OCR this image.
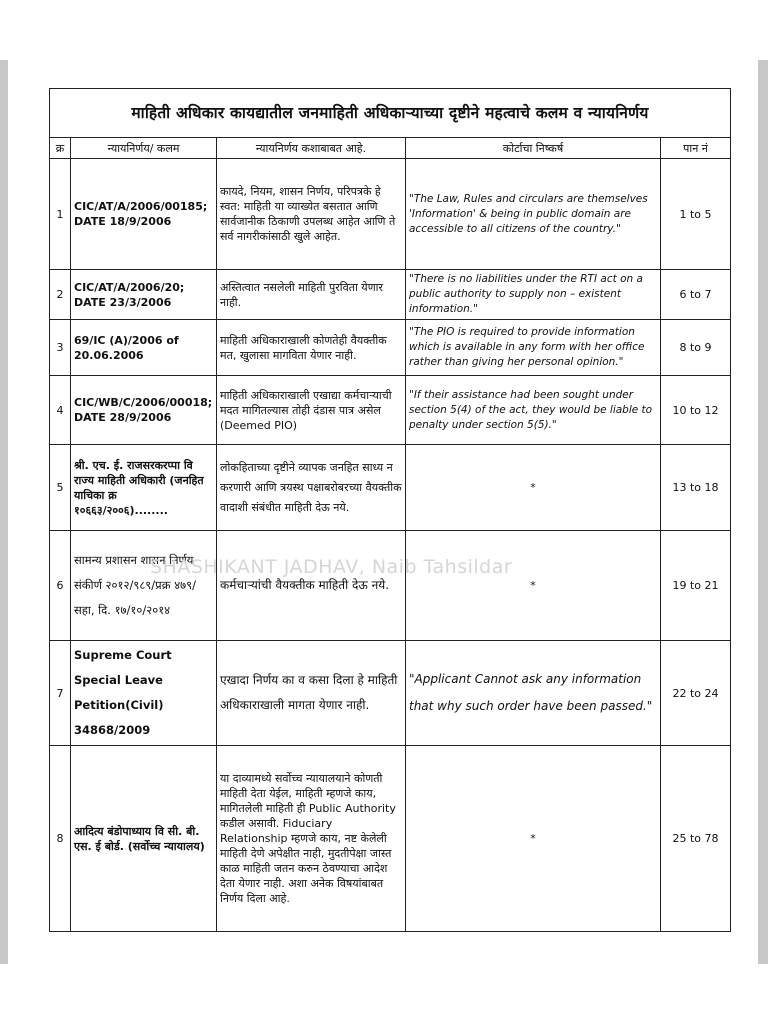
माहिती अधिकार कायद्यातील जनमाहिती अधिकाऱ्याच्या दृष्टीने महत्वाचे कलम व न्यायनिर्णय				
क्र	न्यायनिर्णय/ कलम	न्यायनिर्णय कशाबाबत आहे.	कोर्टाचा निष्कर्ष	पान नं
1	CIC/AT/A/2006/00185; DATE 18/9/2006	कायदे, नियम, शासन निर्णय, परिपत्रके हे स्वत: माहिती या व्याख्येत बसतात आणि सार्वजानीक ठिकाणी उपलब्ध आहेत आणि ते सर्व नागरीकांसाठी खुले आहेत.	"The Law, Rules and circulars are themselves 'Information' & being in public domain are accessible to all citizens of the country."	1 to 5
2	CIC/AT/A/2006/20; DATE 23/3/2006	अस्तित्वात नसलेली माहिती पुरविता येणार नाही.	"There is no liabilities under the RTI act on a public authority to supply non – existent information."	6 to 7
3	69/IC (A)/2006 of 20.06.2006	माहिती अधिकाराखाली कोणतेही वैयक्तीक मत, खुलासा मागविता येणार नाही.	"The PIO is required to provide information which is available in any form with her office rather than giving her personal opinion."	8 to 9
4	CIC/WB/C/2006/00018; DATE 28/9/2006	माहिती अधिकाराखाली एखाद्या कर्मचाऱ्याची मदत मागितल्यास तोही दंडास पात्र असेल (Deemed PIO)	"If their assistance had been sought under section 5(4) of the act, they would be liable to penalty under section 5(5)."	10 to 12
5	श्री. एच. ई. राजसरकरप्पा वि राज्य माहिती अधिकारी (जनहित याचिका क्र १०६६३/२००६)........	लोकहिताच्या दृष्टीने व्यापक जनहित साध्य न करणारी आणि त्रयस्थ पक्षाबरोबरच्या वैयक्तीक वादाशी संबंधीत माहिती देऊ नये.	*	13 to 18
6	सामन्य प्रशासन शासन निर्णय संकीर्ण २०१२/९८९/प्रक्र ४७९/सहा, दि. १७/१०/२०१४	कर्मचाऱ्यांची वैयक्तीक माहिती देऊ नये.	*	19 to 21
7	Supreme Court Special Leave Petition(Civil) 34868/2009	एखादा निर्णय का व कसा दिला हे माहिती अधिकाराखाली मागता येणार नाही.	"Applicant Cannot ask any information that why such order have been passed."	22 to 24
8	आदित्य बंडोपाध्याय वि सी. बी. एस. ई बोर्ड. (सर्वोच्च न्यायालय)	या दाव्यामध्ये सर्वोच्च न्यायालयाने कोणती माहिती देता येईल, माहिती म्हणजे काय, मागितलेली माहिती ही Public Authority कडील असावी. Fiduciary Relationship म्हणजे काय, नष्ट केलेली माहिती देणे अपेक्षीत नाही, मुदतीपेक्षा जास्त काळ माहिती जतन करुन ठेवण्याचा आदेश देता येणार नाही. अशा अनेक विषयांबाबत निर्णय दिला आहे.	*	25 to 78
SHASHIKANT JADHAV, Naib Tahsildar
